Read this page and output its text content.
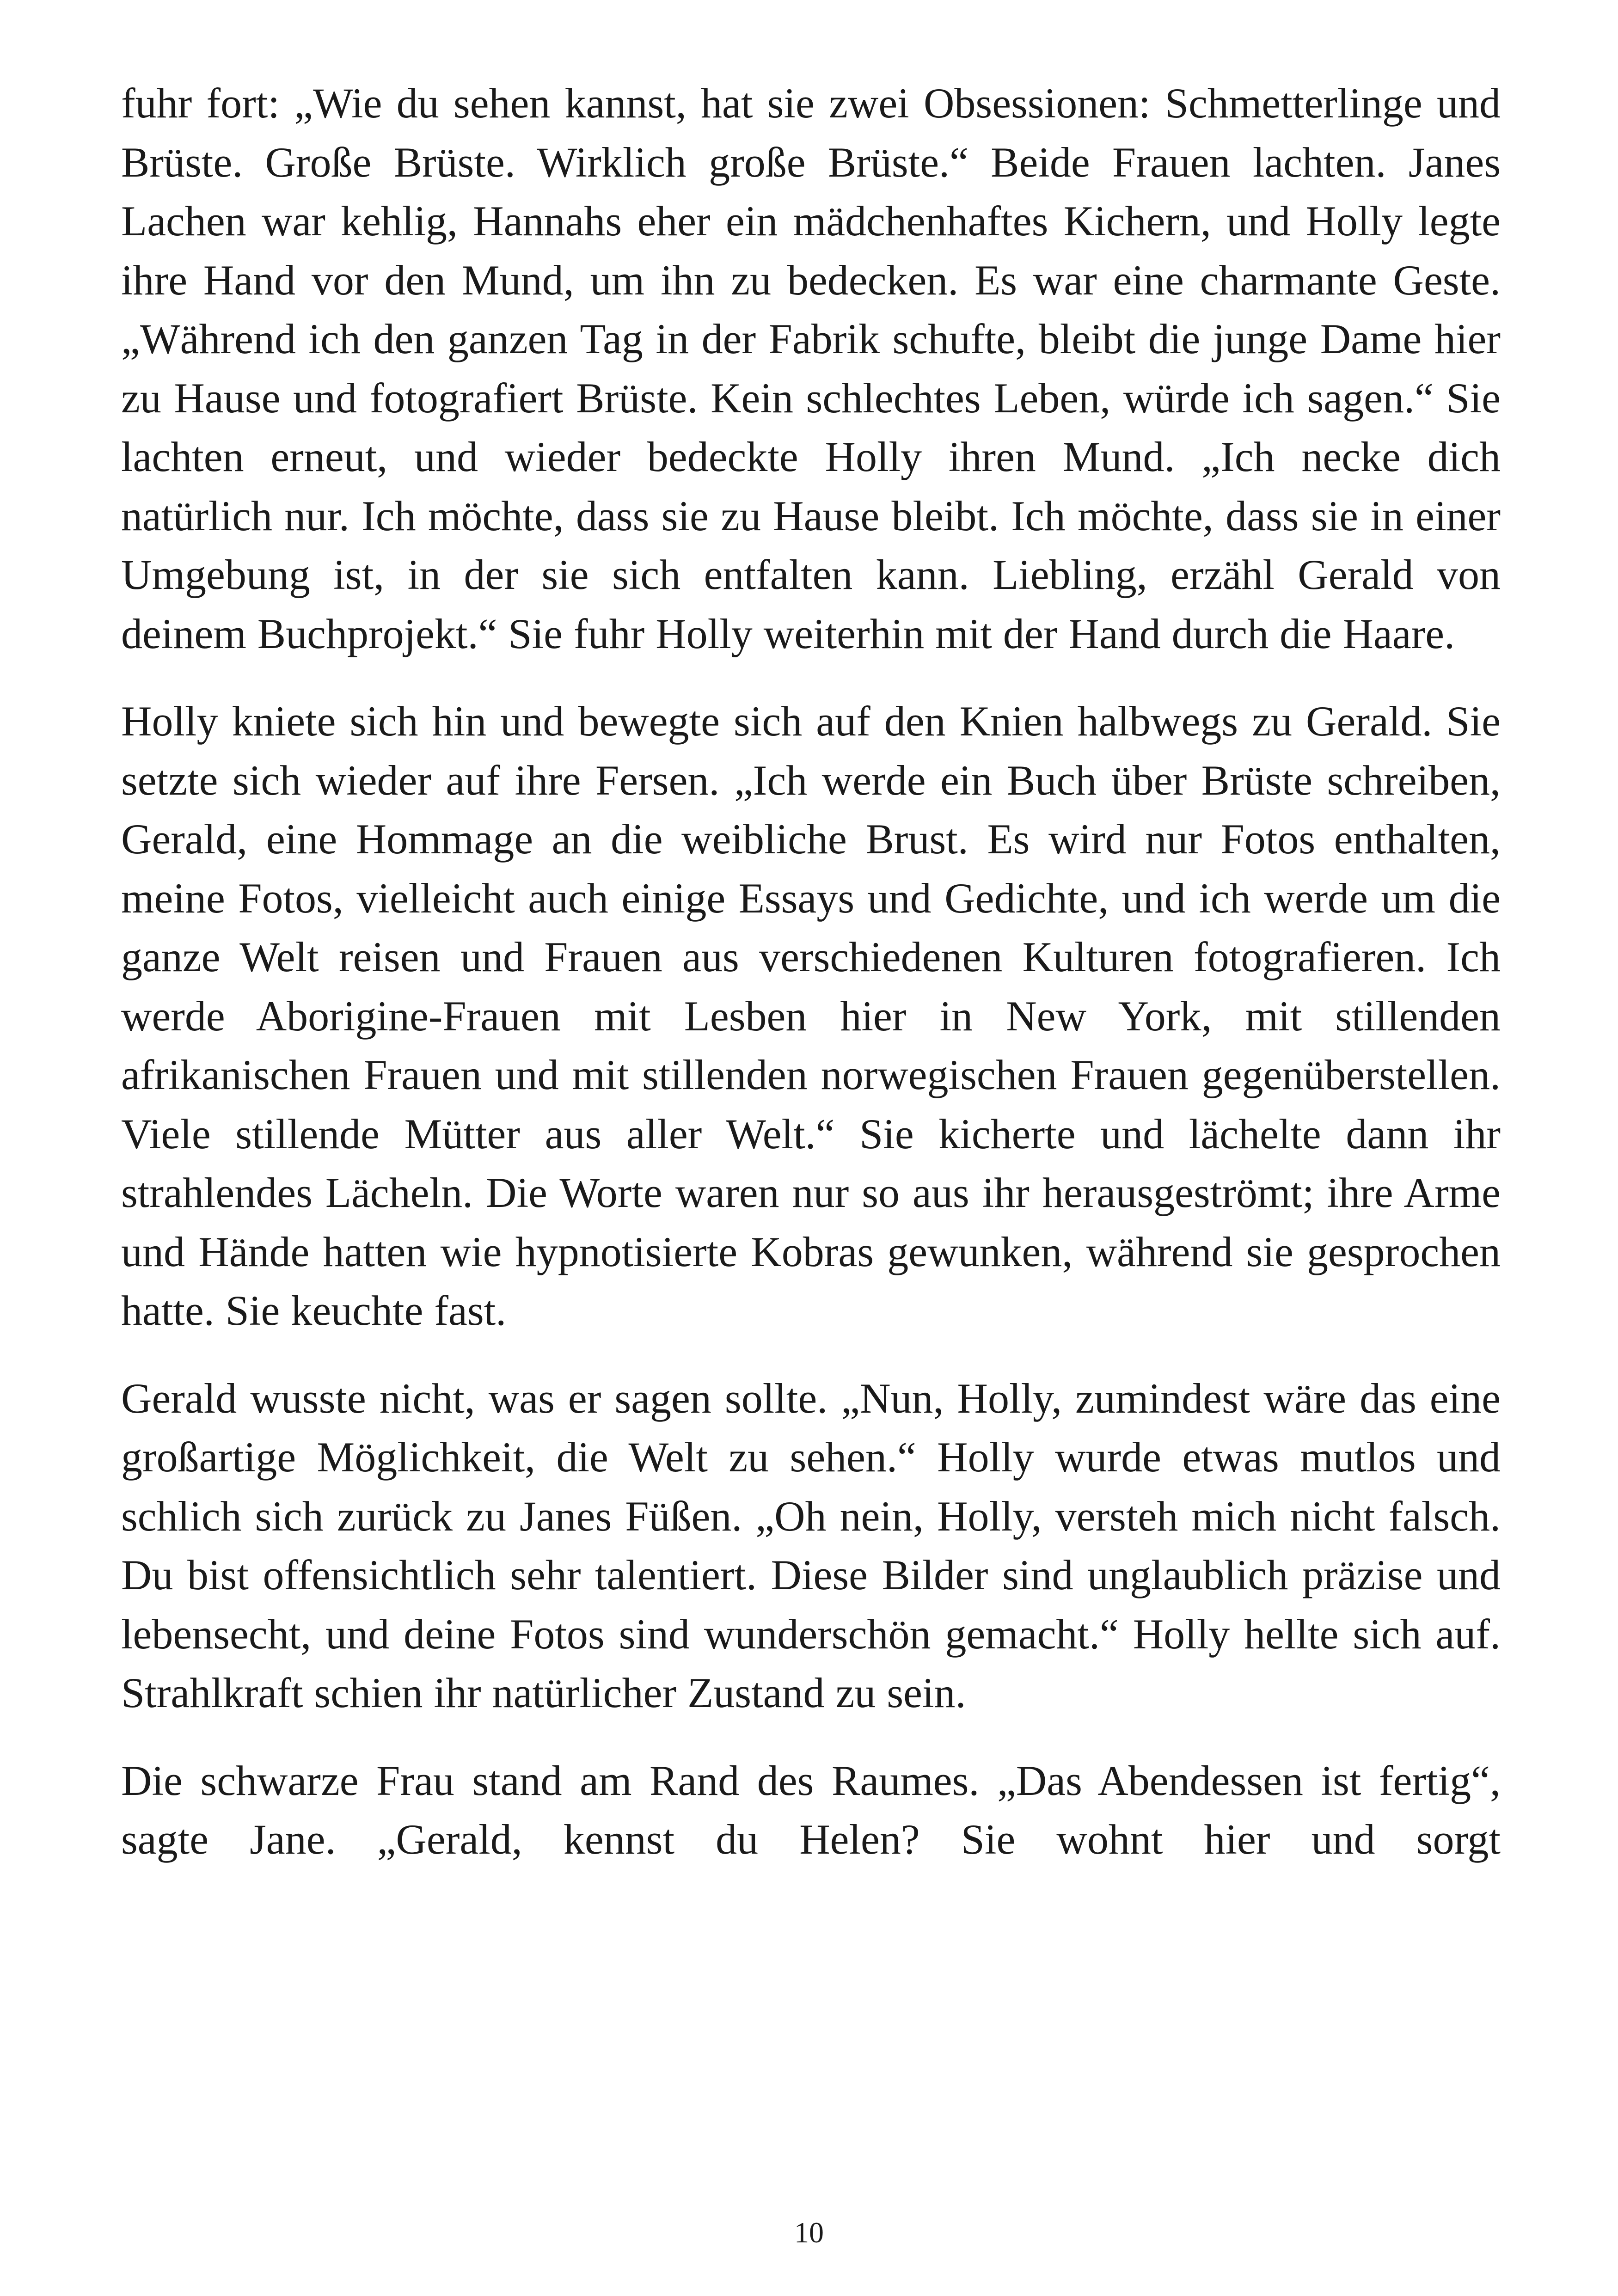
fuhr fort: „Wie du sehen kannst, hat sie zwei Obsessionen: Schmetterlinge und Brüste. Große Brüste. Wirklich große Brüste.“ Beide Frauen lachten. Janes Lachen war kehlig, Hannahs eher ein mädchenhaftes Kichern, und Holly legte ihre Hand vor den Mund, um ihn zu bedecken. Es war eine charmante Geste. „Während ich den ganzen Tag in der Fabrik schufte, bleibt die junge Dame hier zu Hause und fotografiert Brüste. Kein schlechtes Leben, würde ich sagen.“ Sie lachten erneut, und wieder bedeckte Holly ihren Mund. „Ich necke dich natürlich nur. Ich möchte, dass sie zu Hause bleibt. Ich möchte, dass sie in einer Umgebung ist, in der sie sich entfalten kann. Liebling, erzähl Gerald von deinem Buchprojekt.“ Sie fuhr Holly weiterhin mit der Hand durch die Haare.

Holly kniete sich hin und bewegte sich auf den Knien halbwegs zu Gerald. Sie setzte sich wieder auf ihre Fersen. „Ich werde ein Buch über Brüste schreiben, Gerald, eine Hommage an die weibliche Brust. Es wird nur Fotos enthalten, meine Fotos, vielleicht auch einige Essays und Gedichte, und ich werde um die ganze Welt reisen und Frauen aus verschiedenen Kulturen fotografieren. Ich werde Aborigine-Frauen mit Lesben hier in New York, mit stillenden afrikanischen Frauen und mit stillenden norwegischen Frauen gegenüberstellen. Viele stillende Mütter aus aller Welt.“ Sie kicherte und lächelte dann ihr strahlendes Lächeln. Die Worte waren nur so aus ihr herausgeströmt; ihre Arme und Hände hatten wie hypnotisierte Kobras gewunken, während sie gesprochen hatte. Sie keuchte fast.

Gerald wusste nicht, was er sagen sollte. „Nun, Holly, zumindest wäre das eine großartige Möglichkeit, die Welt zu sehen.“ Holly wurde etwas mutlos und schlich sich zurück zu Janes Füßen. „Oh nein, Holly, versteh mich nicht falsch. Du bist offensichtlich sehr talentiert. Diese Bilder sind unglaublich präzise und lebensecht, und deine Fotos sind wunderschön gemacht.“ Holly hellte sich auf. Strahlkraft schien ihr natürlicher Zustand zu sein.

Die schwarze Frau stand am Rand des Raumes. „Das Abendessen ist fertig“, sagte Jane. „Gerald, kennst du Helen? Sie wohnt hier und sorgt

10
